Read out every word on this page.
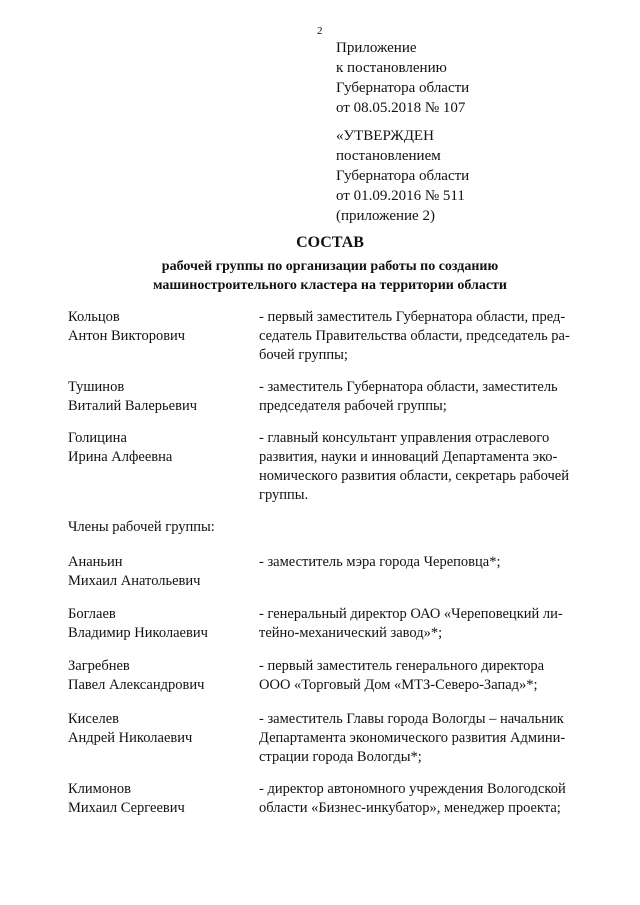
2
Приложение
к постановлению
Губернатора области
от 08.05.2018 № 107
«УТВЕРЖДЕН
постановлением
Губернатора области
от 01.09.2016 № 511
(приложение 2)
СОСТАВ
рабочей группы по организации работы по созданию
машиностроительного кластера на территории области
Кольцов
Антон Викторович
- первый заместитель Губернатора области, пред-
седатель Правительства области, председатель ра-
бочей группы;
Тушинов
Виталий Валерьевич
- заместитель Губернатора области, заместитель
председателя рабочей группы;
Голицина
Ирина Алфеевна
- главный консультант управления отраслевого
развития, науки и инноваций Департамента эко-
номического развития области, секретарь рабочей
группы.
Члены рабочей группы:
Ананьин
Михаил Анатольевич
- заместитель мэра города Череповца*;
Боглаев
Владимир Николаевич
- генеральный директор ОАО «Череповецкий ли-
тейно-механический завод»*;
Загребнев
Павел Александрович
- первый заместитель генерального директора
ООО «Торговый Дом «МТЗ-Северо-Запад»*;
Киселев
Андрей Николаевич
- заместитель Главы города Вологды – начальник
Департамента экономического развития Админи-
страции города Вологды*;
Климонов
Михаил Сергеевич
- директор автономного учреждения Вологодской
области «Бизнес-инкубатор», менеджер проекта;
